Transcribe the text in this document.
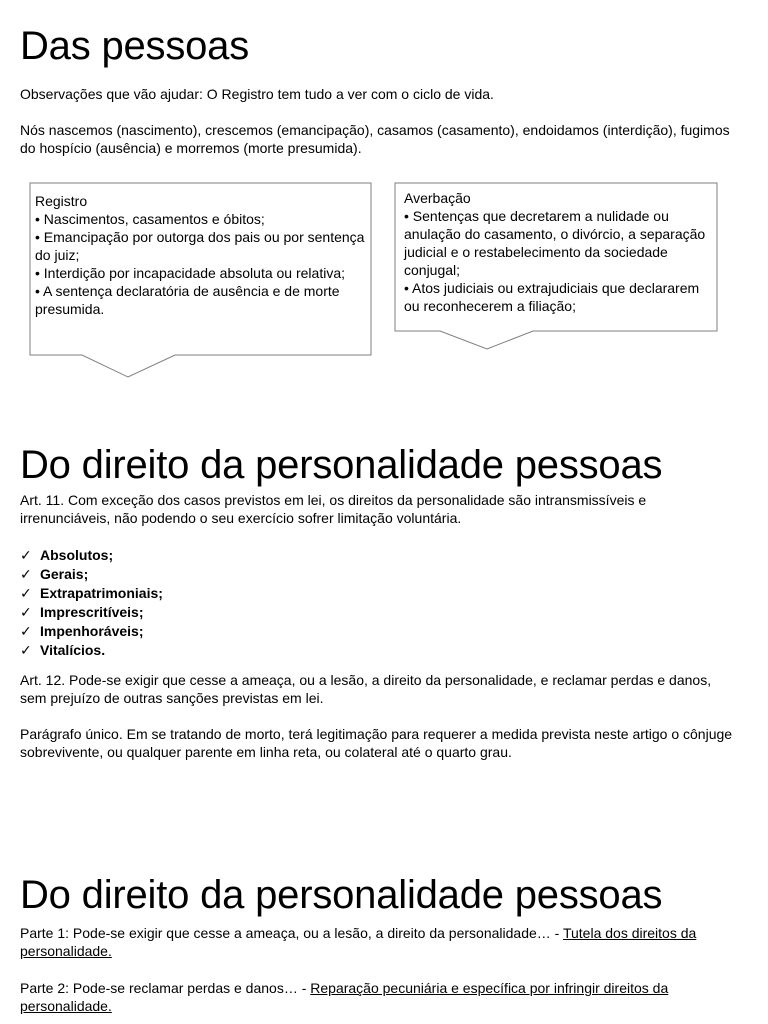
Das pessoas
Observações que vão ajudar: O Registro tem tudo a ver com o ciclo de vida.
Nós nascemos (nascimento), crescemos (emancipação), casamos (casamento), endoidamos (interdição), fugimos do hospício (ausência) e morremos (morte presumida).
Registro
• Nascimentos, casamentos e óbitos;
• Emancipação por outorga dos pais ou por sentença do juiz;
• Interdição por incapacidade absoluta ou relativa;
• A sentença declaratória de ausência e de morte presumida.
Averbação
• Sentenças que decretarem a nulidade ou anulação do casamento, o divórcio, a separação judicial e o restabelecimento da sociedade conjugal;
• Atos judiciais ou extrajudiciais que declararem ou reconhecerem a filiação;
Do direito da personalidade pessoas
Art. 11. Com exceção dos casos previstos em lei, os direitos da personalidade são intransmissíveis e irrenunciáveis, não podendo o seu exercício sofrer limitação voluntária.
✓ Absolutos;
✓ Gerais;
✓ Extrapatrimoniais;
✓ Imprescritíveis;
✓ Impenhoráveis;
✓ Vitalícios.
Art. 12. Pode-se exigir que cesse a ameaça, ou a lesão, a direito da personalidade, e reclamar perdas e danos, sem prejuízo de outras sanções previstas em lei.
Parágrafo único. Em se tratando de morto, terá legitimação para requerer a medida prevista neste artigo o cônjuge sobrevivente, ou qualquer parente em linha reta, ou colateral até o quarto grau.
Do direito da personalidade pessoas
Parte 1: Pode-se exigir que cesse a ameaça, ou a lesão, a direito da personalidade… - Tutela dos direitos da personalidade.
Parte 2: Pode-se reclamar perdas e danos… - Reparação pecuniária e específica por infringir direitos da personalidade.
